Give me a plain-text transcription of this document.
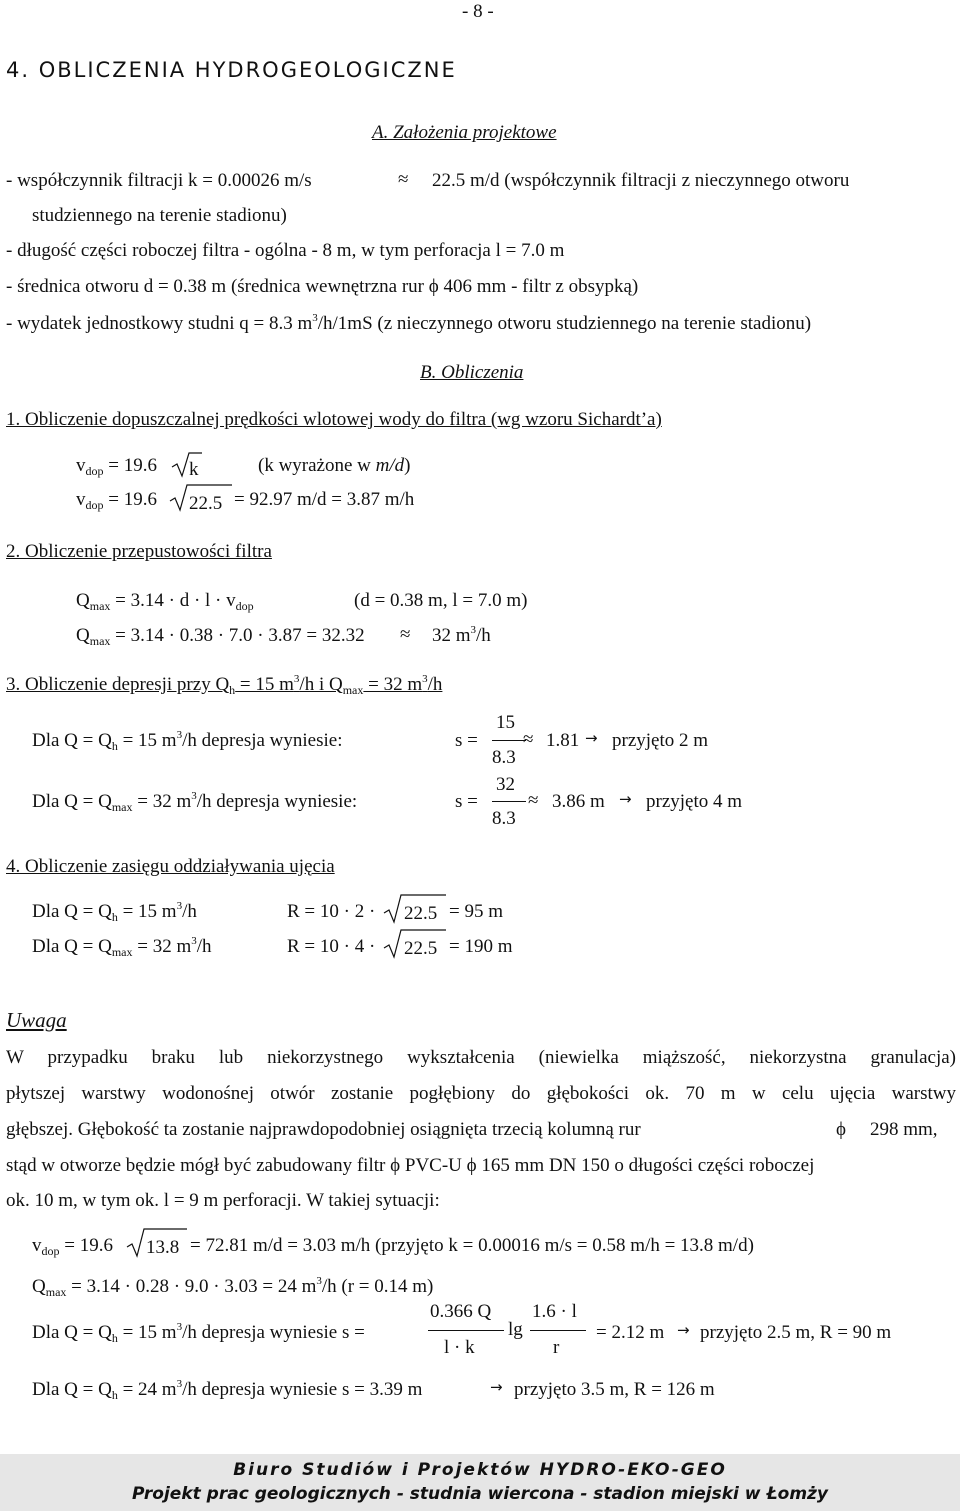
- 8 -
4. OBLICZENIA HYDROGEOLOGICZNE
A. Założenia projektowe
- współczynnik filtracji k = 0.00026 m/s	≈ 22.5 m/d (współczynnik filtracji z nieczynnego otworu
studziennego na terenie stadionu)
- długość części roboczej filtra - ogólna - 8 m, w tym perforacja l = 7.0 m
- średnica otworu d = 0.38 m (średnica wewnętrzna rur ϕ 406 mm - filtr z obsypką)
- wydatek jednostkowy studni q = 8.3 $m^3/h/1mS$ (z nieczynnego otworu studziennego na terenie stadionu)
B. Obliczenia
1. Obliczenie dopuszczalnej prędkości wlotowej wody do filtra (wg wzoru Sichardt’a)
$v_{dop} = 19.6$ k	(k wyrażone w m/d)
$v_{dop} = 19.6$ 22.5 = 92.97 m/d = 3.87 m/h
2. Obliczenie przepustowości filtra
$Q_{max} = 3.14 \cdot d \cdot l \cdot v_{dop}$	(d = 0.38 m, l = 7.0 m)
$Q_{max} = 3.14 \cdot 0.38 \cdot 7.0 \cdot 3.87 = 32.32 \approx 32$ $m^3/h$
3. Obliczenie depresji przy $Q_h = 15$ $m^3/h$ i $Q_{max} = 32$ $m^3/h$
Dla $Q = Q_h = 15$ $m^3/h$ depresja wyniesie:	s =
15
8.3
≈ 1.81 → przyjęto 2 m
Dla $Q = Q_{max} = 32$ $m^3/h$ depresja wyniesie:	s =
32
8.3
≈ 3.86 m → przyjęto 4 m
4. Obliczenie zasięgu oddziaływania ujęcia
Dla $Q = Q_h = 15$ $m^3/h$	R = 10 · 2 · 22.5 = 95 m
Dla $Q = Q_{max} = 32$ $m^3/h$	R = 10 · 4 · 22.5 = 190 m
Uwaga
W przypadku braku lub niekorzystnego wykształcenia (niewielka miąższość, niekorzystna granulacja)
płytszej warstwy wodonośnej otwór zostanie pogłębiony do głębokości ok. 70 m w celu ujęcia warstwy
głębszej. Głębokość ta zostanie najprawdopodobniej osiągnięta trzecią kolumną rur	ϕ 298 mm,
stąd w otworze będzie mógł być zabudowany filtr ϕ PVC-U ϕ 165 mm DN 150 o długości części roboczej
ok. 10 m, w tym ok. l = 9 m perforacji. W takiej sytuacji:
$v_{dop} = 19.6$ 13.8 = 72.81 m/d = 3.03 m/h (przyjęto k = 0.00016 m/s = 0.58 m/h = 13.8 m/d)
$Q_{max} = 3.14 \cdot 0.28 \cdot 9.0 \cdot 3.03 = 24$ $m^3/h$ (r = 0.14 m)
Dla $Q = Q_h = 15$ $m^3/h$ depresja wyniesie s =
0.366 Q
l · k
lg
1.6 · l
r
= 2.12 m → przyjęto 2.5 m, R = 90 m
Dla $Q = Q_h = 24$ $m^3/h$ depresja wyniesie s = 3.39 m	→ przyjęto 3.5 m, R = 126 m
Biuro Studiów i Projektów HYDRO-EKO-GEO
Projekt prac geologicznych - studnia wiercona - stadion miejski w Łomży
